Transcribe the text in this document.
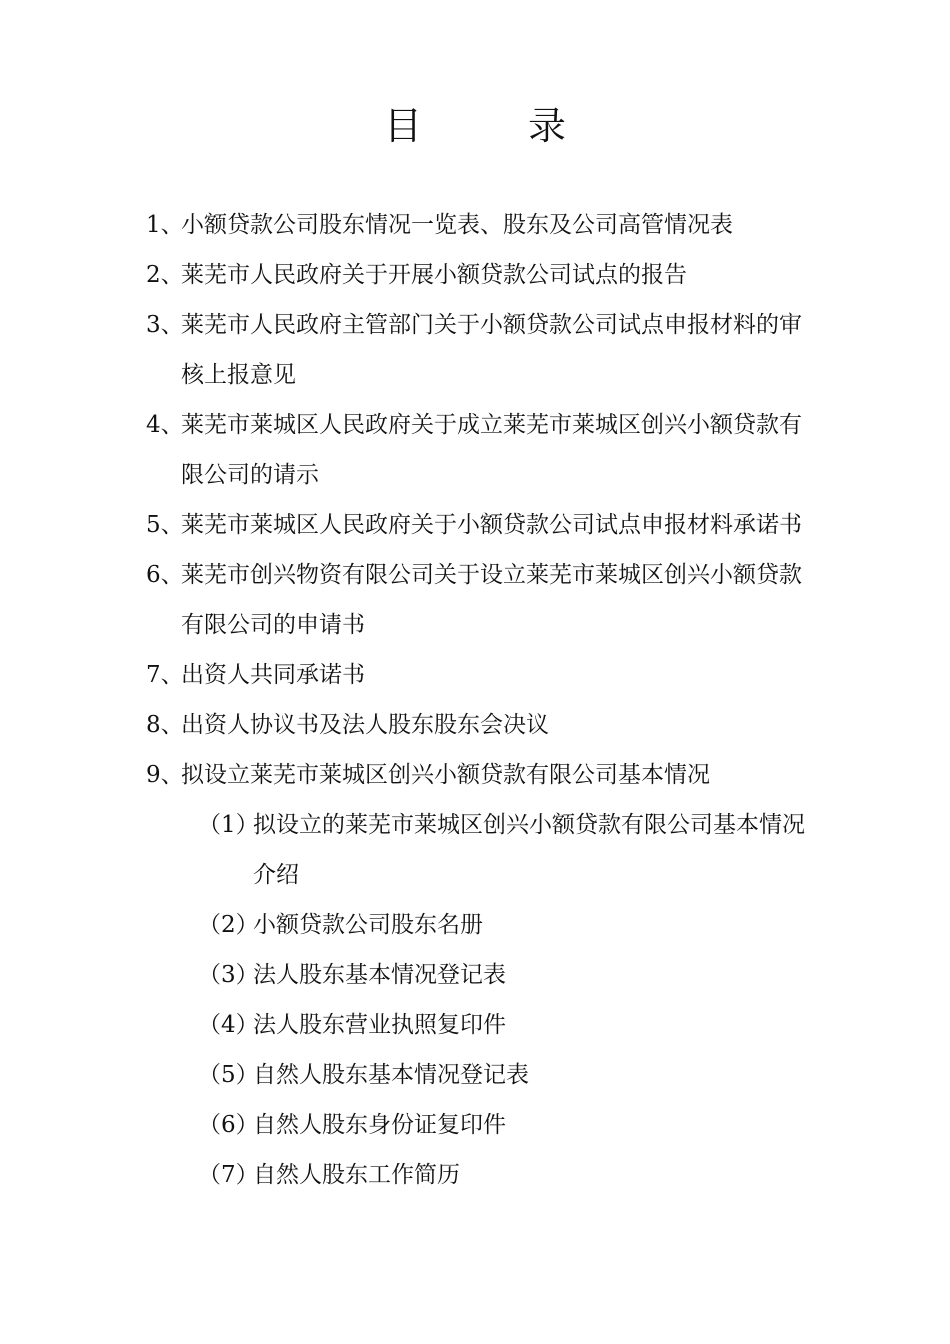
目　录
1、
小额贷款公司股东情况一览表、股东及公司高管情况表
2、
莱芜市人民政府关于开展小额贷款公司试点的报告
3、
莱芜市人民政府主管部门关于小额贷款公司试点申报材料的审核上报意见
4、
莱芜市莱城区人民政府关于成立莱芜市莱城区创兴小额贷款有限公司的请示
5、
莱芜市莱城区人民政府关于小额贷款公司试点申报材料承诺书
6、
莱芜市创兴物资有限公司关于设立莱芜市莱城区创兴小额贷款有限公司的申请书
7、
出资人共同承诺书
8、
出资人协议书及法人股东股东会决议
9、
拟设立莱芜市莱城区创兴小额贷款有限公司基本情况
（1）
拟设立的莱芜市莱城区创兴小额贷款有限公司基本情况介绍
（2）
小额贷款公司股东名册
（3）
法人股东基本情况登记表
（4）
法人股东营业执照复印件
（5）
自然人股东基本情况登记表
（6）
自然人股东身份证复印件
（7）
自然人股东工作简历
